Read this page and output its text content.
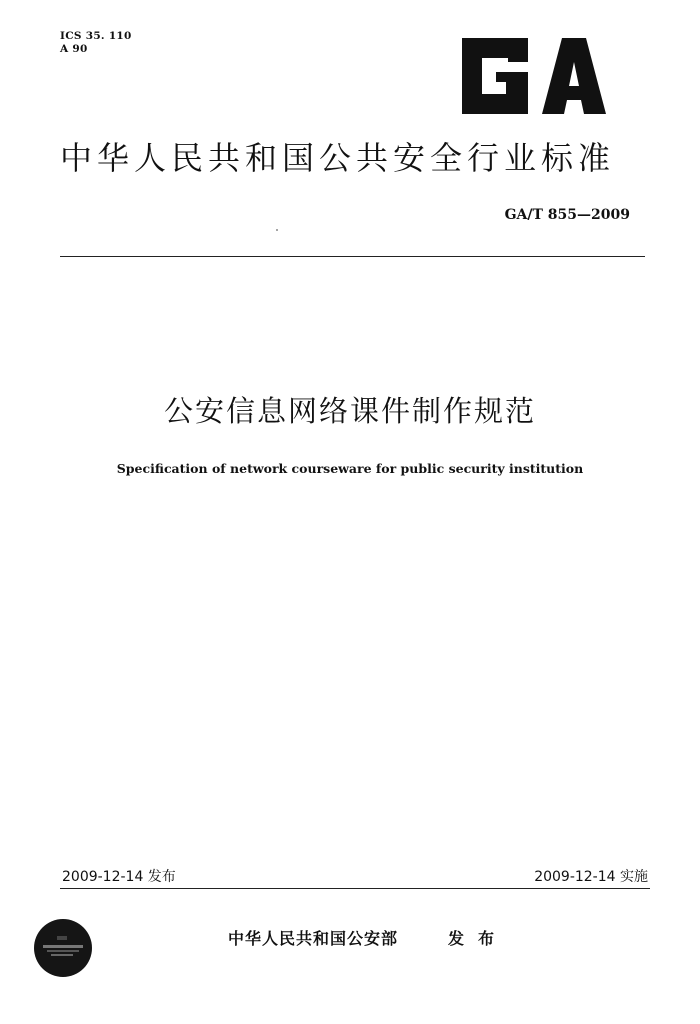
ICS 35. 110
A 90
中华人民共和国公共安全行业标准
GA/T 855—2009
公安信息网络课件制作规范
Specification of network courseware for public security institution
2009-12-14 发布	2009-12-14 实施
中华人民共和国公安部	发布
